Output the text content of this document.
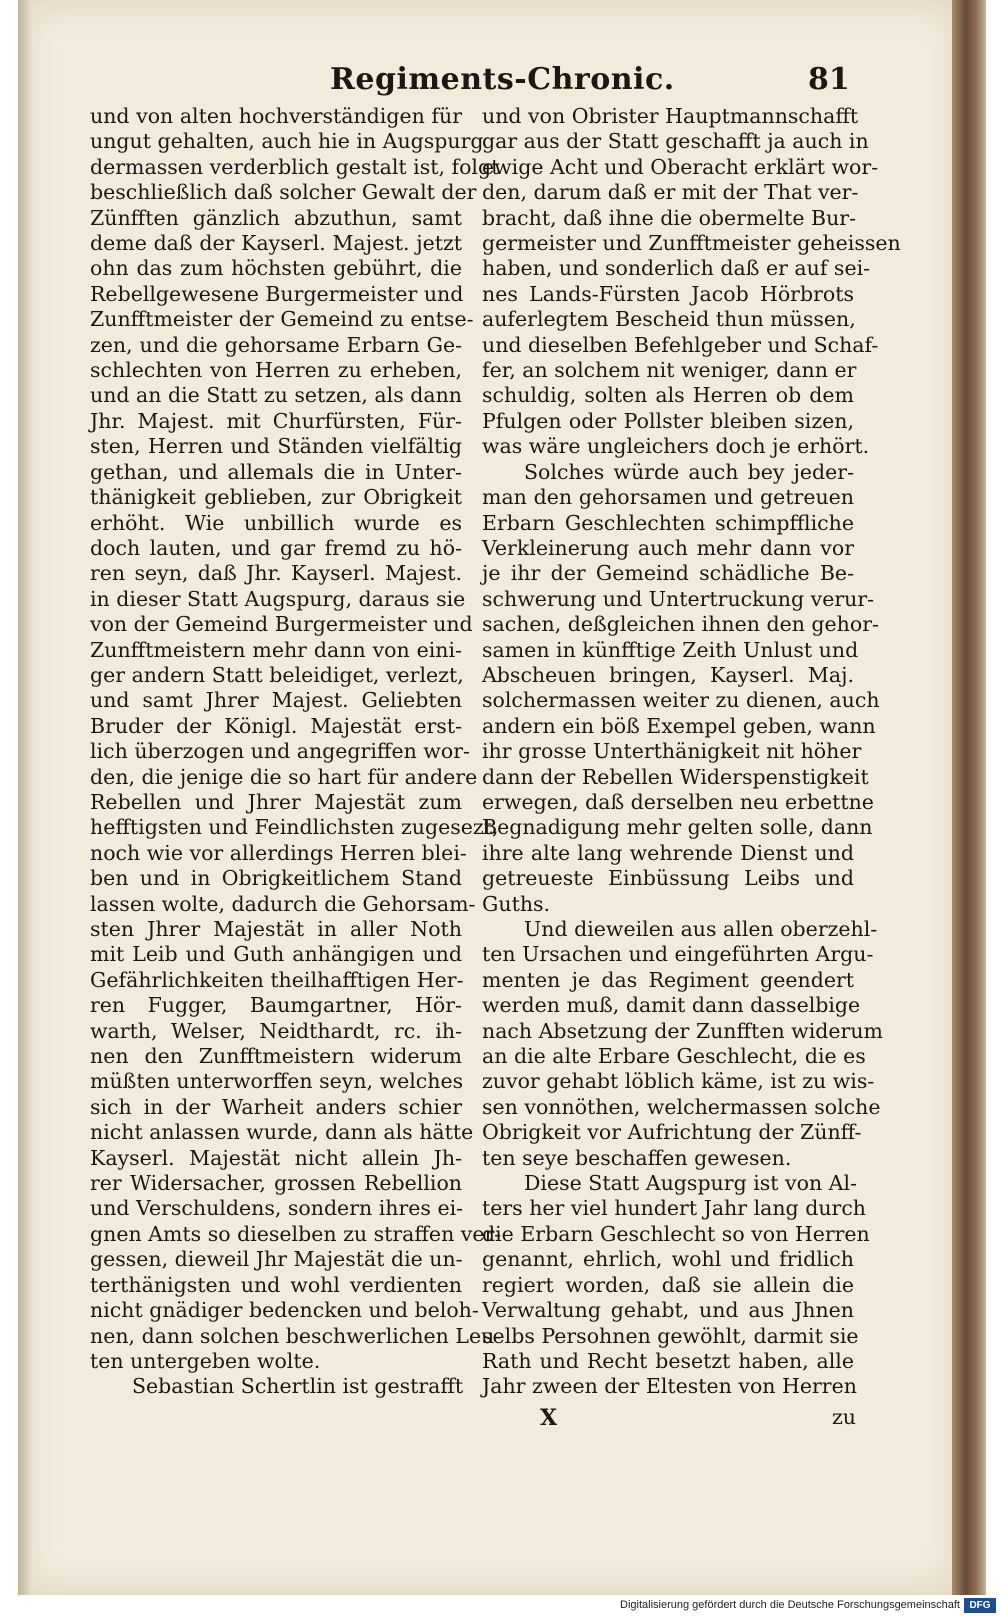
Regiments-Chronic.	81
und von alten hochverständigen für
ungut gehalten, auch hie in Augspurg
dermassen verderblich gestalt ist, folgt
beschließlich daß solcher Gewalt der
Zünfften gänzlich abzuthun, samt
deme daß der Kayserl. Majest. jetzt
ohn das zum höchsten gebührt, die
Rebellgewesene Burgermeister und
Zunfftmeister der Gemeind zu entse-
zen, und die gehorsame Erbarn Ge-
schlechten von Herren zu erheben,
und an die Statt zu setzen, als dann
Jhr. Majest. mit Churfürsten, Für-
sten, Herren und Ständen vielfältig
gethan, und allemals die in Unter-
thänigkeit geblieben, zur Obrigkeit
erhöht. Wie unbillich wurde es
doch lauten, und gar fremd zu hö-
ren seyn, daß Jhr. Kayserl. Majest.
in dieser Statt Augspurg, daraus sie
von der Gemeind Burgermeister und
Zunfftmeistern mehr dann von eini-
ger andern Statt beleidiget, verlezt,
und samt Jhrer Majest. Geliebten
Bruder der Königl. Majestät erst-
lich überzogen und angegriffen wor-
den, die jenige die so hart für andere
Rebellen und Jhrer Majestät zum
hefftigsten und Feindlichsten zugesezt,
noch wie vor allerdings Herren blei-
ben und in Obrigkeitlichem Stand
lassen wolte, dadurch die Gehorsam-
sten Jhrer Majestät in aller Noth
mit Leib und Guth anhängigen und
Gefährlichkeiten theilhafftigen Her-
ren Fugger, Baumgartner, Hör-
warth, Welser, Neidthardt, rc. ih-
nen den Zunfftmeistern widerum
müßten unterworffen seyn, welches
sich in der Warheit anders schier
nicht anlassen wurde, dann als hätte
Kayserl. Majestät nicht allein Jh-
rer Widersacher, grossen Rebellion
und Verschuldens, sondern ihres ei-
gnen Amts so dieselben zu straffen ver-
gessen, dieweil Jhr Majestät die un-
terthänigsten und wohl verdienten
nicht gnädiger bedencken und beloh-
nen, dann solchen beschwerlichen Leu-
ten untergeben wolte.
Sebastian Schertlin ist gestrafft
und von Obrister Hauptmannschafft
gar aus der Statt geschafft ja auch in
ewige Acht und Oberacht erklärt wor-
den, darum daß er mit der That ver-
bracht, daß ihne die obermelte Bur-
germeister und Zunfftmeister geheissen
haben, und sonderlich daß er auf sei-
nes Lands-Fürsten Jacob Hörbrots
auferlegtem Bescheid thun müssen,
und dieselben Befehlgeber und Schaf-
fer, an solchem nit weniger, dann er
schuldig, solten als Herren ob dem
Pfulgen oder Pollster bleiben sizen,
was wäre ungleichers doch je erhört.
Solches würde auch bey jeder-
man den gehorsamen und getreuen
Erbarn Geschlechten schimpffliche
Verkleinerung auch mehr dann vor
je ihr der Gemeind schädliche Be-
schwerung und Untertruckung verur-
sachen, deßgleichen ihnen den gehor-
samen in künfftige Zeith Unlust und
Abscheuen bringen, Kayserl. Maj.
solchermassen weiter zu dienen, auch
andern ein böß Exempel geben, wann
ihr grosse Unterthänigkeit nit höher
dann der Rebellen Widerspenstigkeit
erwegen, daß derselben neu erbettne
Begnadigung mehr gelten solle, dann
ihre alte lang wehrende Dienst und
getreueste Einbüssung Leibs und
Guths.
Und dieweilen aus allen oberzehl-
ten Ursachen und eingeführten Argu-
menten je das Regiment geendert
werden muß, damit dann dasselbige
nach Absetzung der Zunfften widerum
an die alte Erbare Geschlecht, die es
zuvor gehabt löblich käme, ist zu wis-
sen vonnöthen, welchermassen solche
Obrigkeit vor Aufrichtung der Zünff-
ten seye beschaffen gewesen.
Diese Statt Augspurg ist von Al-
ters her viel hundert Jahr lang durch
die Erbarn Geschlecht so von Herren
genannt, ehrlich, wohl und fridlich
regiert worden, daß sie allein die
Verwaltung gehabt, und aus Jhnen
selbs Persohnen gewöhlt, darmit sie
Rath und Recht besetzt haben, alle
Jahr zween der Eltesten von Herren
X	zu
Digitalisierung gefördert durch die Deutsche Forschungsgemeinschaft DFG
